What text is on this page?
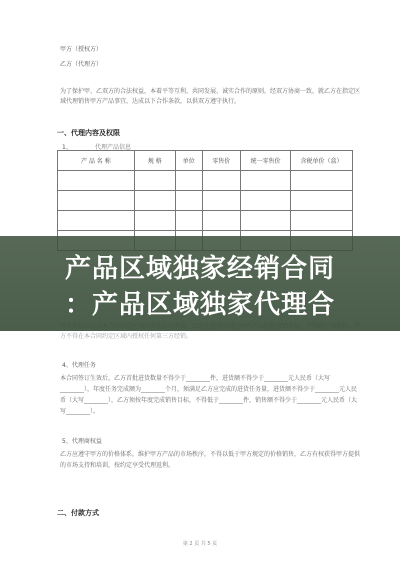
甲方（授权方）
乙方（代理方）
为了保护甲、乙双方的合法权益，本着平等互利、共同发展、诚实合作的原则，经双方协商一致，就乙方在指定区域代理销售甲方产品事宜，达成以下合作条款，以供双方遵守执行。
一、代理内容及权限
1、	代理产品信息
产 品 名 称	规 格	单位	零售价	统一零售价	含税单价（盒）

方不得在本合同约定区域内授权任何第三方经销。
产品区域独家经销合同
：产品区域独家代理合
4、代理任务
本合同签订生效后，乙方首批进货数量不得少于________件，进货额不得少于________元人民币（大写________），年度任务完成额为________个月，须满足乙方应完成的进货任务量，进货额不得少于________元人民币（大写________），乙方须按年度完成销售目标，不得低于________件，销售额不得少于________元人民币（大写________）。
5、代理商权益
乙方应遵守甲方的价格体系，维护甲方产品的市场秩序，不得以低于甲方规定的价格销售，乙方有权获得甲方提供的市场支持和培训，按约定享受代理返利。
二、付款方式
第 2 页 共 5 页
